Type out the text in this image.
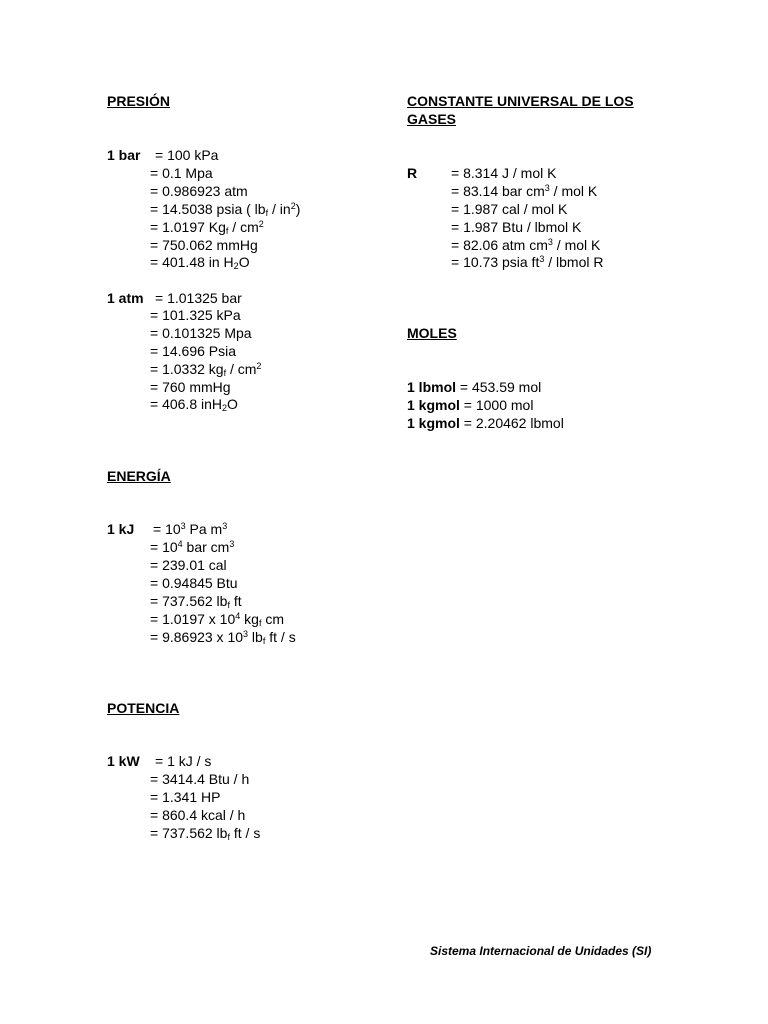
PRESIÓN
1 bar = 100 kPa
= 0.1 Mpa
= 0.986923 atm
= 14.5038 psia ( $lb_f / in^2$)
= 1.0197 $Kg_f / cm^2$
= 750.062 mmHg
= 401.48 in $H_2O$
1 atm = 1.01325 bar
= 101.325 kPa
= 0.101325 Mpa
= 14.696 Psia
= 1.0332 $kg_f / cm^2$
= 760 mmHg
= 406.8 inH$_2$O
ENERGÍA
1 kJ = $10^3$ Pa $m^3$
= $10^4$ bar $cm^3$
= 239.01 cal
= 0.94845 Btu
= 737.562 $lb_f$ ft
= 1.0197 x $10^4$ $kg_f$ cm
= 9.86923 x $10^3$ $lb_f$ ft / s
POTENCIA
1 kW = 1 kJ / s
= 3414.4 Btu / h
= 1.341 HP
= 860.4 kcal / h
= 737.562 $lb_f$ ft / s
CONSTANTE UNIVERSAL DE LOS
GASES
R = 8.314 J / mol K
= 83.14 bar $cm^3$ / mol K
= 1.987 cal / mol K
= 1.987 Btu / lbmol K
= 82.06 atm $cm^3$ / mol K
= 10.73 psia $ft^3$ / lbmol R
MOLES
1 lbmol = 453.59 mol
1 kgmol = 1000 mol
1 kgmol = 2.20462 lbmol
Sistema Internacional de Unidades (SI)
